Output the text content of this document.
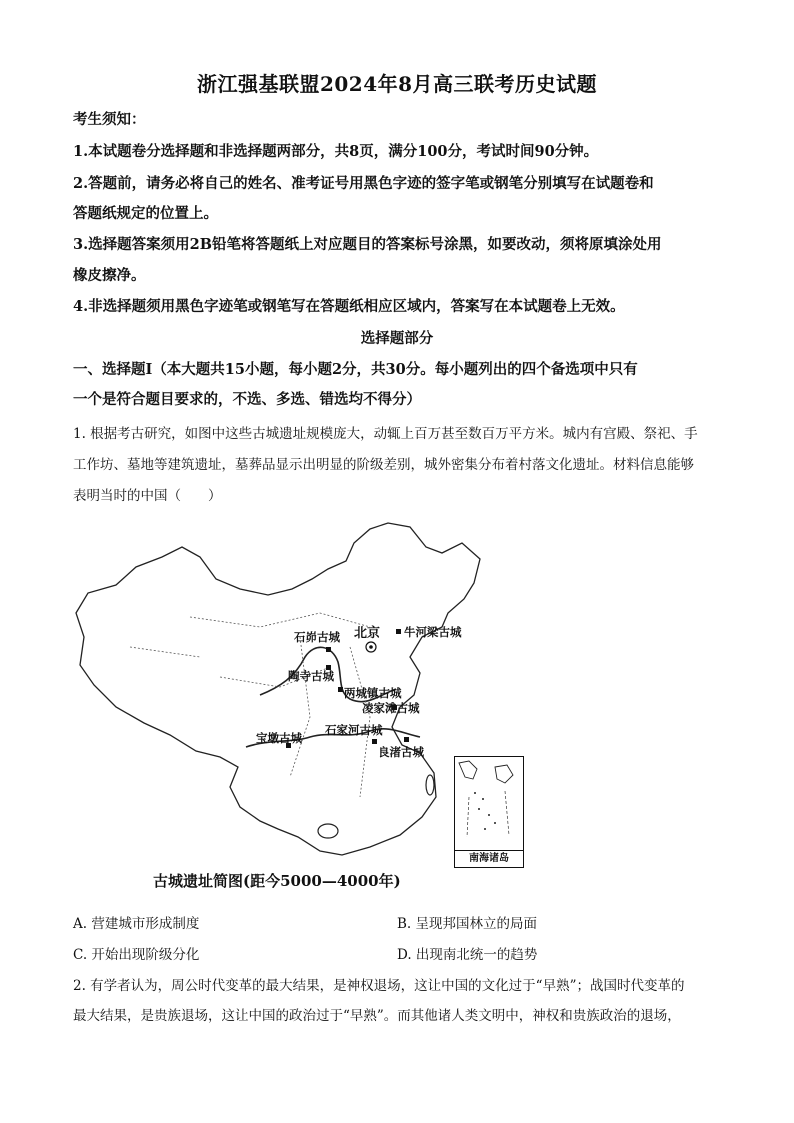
浙江强基联盟2024年8月高三联考历史试题
考生须知：
1.本试题卷分选择题和非选择题两部分，共8页，满分100分，考试时间90分钟。
2.答题前，请务必将自己的姓名、准考证号用黑色字迹的签字笔或钢笔分别填写在试题卷和
答题纸规定的位置上。
3.选择题答案须用2B铅笔将答题纸上对应题目的答案标号涂黑，如要改动，须将原填涂处用
橡皮擦净。
4.非选择题须用黑色字迹笔或钢笔写在答题纸相应区域内，答案写在本试题卷上无效。
选择题部分
一、选择题Ⅰ（本大题共15小题，每小题2分，共30分。每小题列出的四个备选项中只有
一个是符合题目要求的，不选、多选、错选均不得分）
1. 根据考古研究，如图中这些古城遗址规模庞大，动辄上百万甚至数百万平方米。城内有宫殿、祭祀、手
工作坊、墓地等建筑遗址，墓葬品显示出明显的阶级差别，城外密集分布着村落文化遗址。材料信息能够
表明当时的中国（　　）
石峁古城 北京 牛河梁古城
陶寺古城
两城镇古城
凌家滩古城
宝墩古城
石家河古城
良渚古城
南海诸岛
古城遗址简图(距今5000—4000年)
A. 营建城市形成制度	B. 呈现邦国林立的局面
C. 开始出现阶级分化	D. 出现南北统一的趋势
2. 有学者认为，周公时代变革的最大结果，是神权退场，这让中国的文化过于“早熟”；战国时代变革的
最大结果，是贵族退场，这让中国的政治过于“早熟”。而其他诸人类文明中，神权和贵族政治的退场，
